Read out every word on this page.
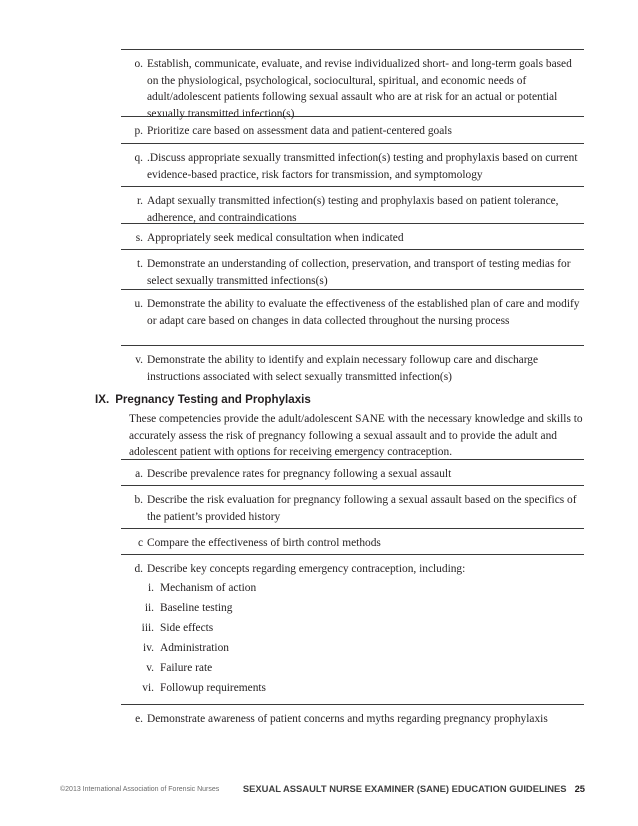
o. Establish, communicate, evaluate, and revise individualized short- and long-term goals based on the physiological, psychological, sociocultural, spiritual, and economic needs of adult/adolescent patients following sexual assault who are at risk for an actual or potential sexually transmitted infection(s)
p. Prioritize care based on assessment data and patient-centered goals
q. .Discuss appropriate sexually transmitted infection(s) testing and prophylaxis based on current evidence-based practice, risk factors for transmission, and symptomology
r. Adapt sexually transmitted infection(s) testing and prophylaxis based on patient tolerance, adherence, and contraindications
s. Appropriately seek medical consultation when indicated
t. Demonstrate an understanding of collection, preservation, and transport of testing medias for select sexually transmitted infections(s)
u. Demonstrate the ability to evaluate the effectiveness of the established plan of care and modify or adapt care based on changes in data collected throughout the nursing process
v. Demonstrate the ability to identify and explain necessary followup care and discharge instructions associated with select sexually transmitted infection(s)
IX. Pregnancy Testing and Prophylaxis
These competencies provide the adult/adolescent SANE with the necessary knowledge and skills to accurately assess the risk of pregnancy following a sexual assault and to provide the adult and adolescent patient with options for receiving emergency contraception.
a. Describe prevalence rates for pregnancy following a sexual assault
b. Describe the risk evaluation for pregnancy following a sexual assault based on the specifics of the patient’s provided history
c Compare the effectiveness of birth control methods
d. Describe key concepts regarding emergency contraception, including:
i. Mechanism of action
ii. Baseline testing
iii. Side effects
iv. Administration
v. Failure rate
vi. Followup requirements
e. Demonstrate awareness of patient concerns and myths regarding pregnancy prophylaxis
©2013 International Association of Forensic Nurses	SEXUAL ASSAULT NURSE EXAMINER (SANE) EDUCATION GUIDELINES 25
